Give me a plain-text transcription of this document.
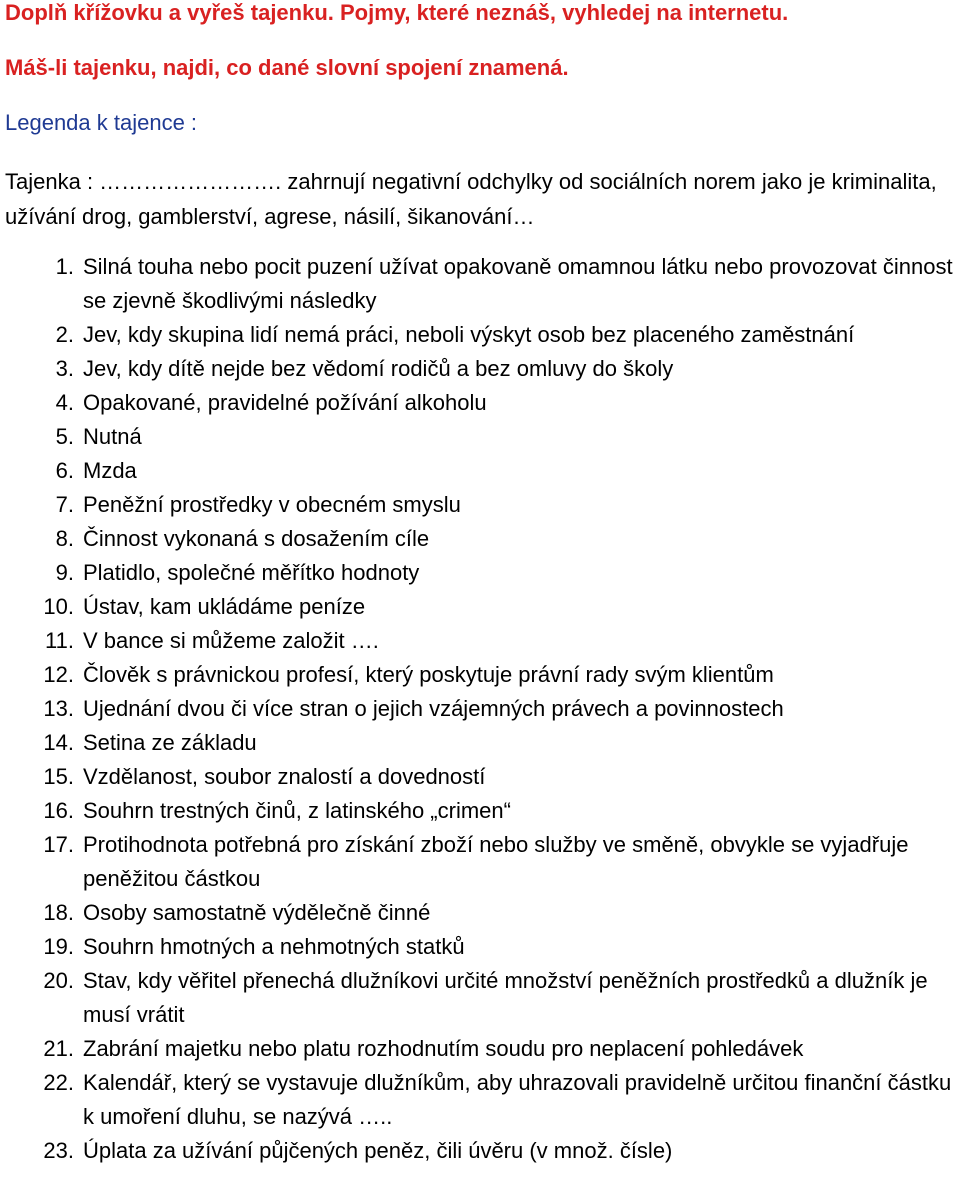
Doplň křížovku a vyřeš tajenku. Pojmy, které neznáš, vyhledej na internetu.
Máš-li tajenku, najdi, co dané slovní spojení znamená.
Legenda k tajence :
Tajenka : ……………………. zahrnují negativní odchylky od sociálních norem jako je kriminalita, užívání drog, gamblerství, agrese, násilí, šikanování…
1. Silná touha nebo pocit puzení užívat opakovaně omamnou látku nebo provozovat činnost se zjevně škodlivými následky
2. Jev, kdy skupina lidí nemá práci, neboli výskyt osob bez placeného zaměstnání
3. Jev, kdy dítě nejde bez vědomí rodičů a bez omluvy do školy
4. Opakované, pravidelné požívání alkoholu
5. Nutná
6. Mzda
7. Peněžní prostředky v obecném smyslu
8. Činnost vykonaná s dosažením cíle
9. Platidlo, společné měřítko hodnoty
10. Ústav, kam ukládáme peníze
11. V bance si můžeme založit ….
12. Člověk s právnickou profesí, který poskytuje právní rady svým klientům
13. Ujednání dvou či více stran o jejich vzájemných právech a povinnostech
14. Setina ze základu
15. Vzdělanost, soubor znalostí a dovedností
16. Souhrn trestných činů, z latinského „crimen“
17. Protihodnota potřebná pro získání zboží nebo služby ve směně, obvykle se vyjadřuje peněžitou částkou
18. Osoby samostatně výdělečně činné
19. Souhrn hmotných a nehmotných statků
20. Stav, kdy věřitel přenechá dlužníkovi určité množství peněžních prostředků a dlužník je musí vrátit
21. Zabrání majetku nebo platu rozhodnutím soudu pro neplacení pohledávek
22. Kalendář, který se vystavuje dlužníkům, aby uhrazovali pravidelně určitou finanční částku k umoření dluhu, se nazývá …..
23. Úplata za užívání půjčených peněz, čili úvěru (v množ. čísle)
